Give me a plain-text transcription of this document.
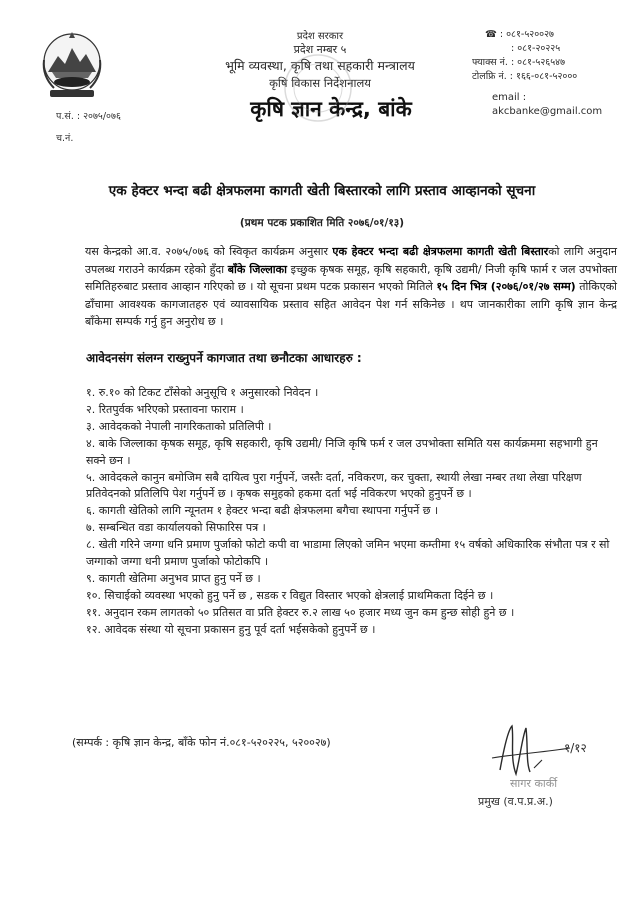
प्रदेश सरकार
प्रदेश नम्बर ५
भूमि व्यवस्था, कृषि तथा सहकारी मन्त्रालय
कृषि विकास निर्देशनालय
कृषि ज्ञान केन्द्र, बांके
☎ : ०८१-५२००२७
: ०८१-२०२२५
फ्याक्स नं. : ०८१-५२६५४७
टोलफ्रि नं. : १६६-०८१-५२०००
email : akcbanke@gmail.com
प.सं. : २०७५/०७६
च.नं.
एक हेक्टर भन्दा बढी क्षेत्रफलमा कागती खेती बिस्तारको लागि प्रस्ताव आव्हानको सूचना
(प्रथम पटक प्रकाशित मिति २०७६/०१/१३)
यस केन्द्रको आ.व. २०७५/०७६ को स्विकृत कार्यक्रम अनुसार एक हेक्टर भन्दा बढी क्षेत्रफलमा कागती खेती बिस्तारको लागि अनुदान उपलब्ध गराउने कार्यक्रम रहेको हुँदा बाँके जिल्लाका इच्छुक कृषक समूह, कृषि सहकारी, कृषि उद्यमी/ निजी कृषि फार्म र जल उपभोक्ता समितिहरुबाट प्रस्ताव आव्हान गरिएको छ । यो सूचना प्रथम पटक प्रकासन भएको मितिले १५ दिन भित्र (२०७६/०१/२७ सम्म) तोकिएको ढाँचामा आवश्यक कागजातहरु एवं व्यावसायिक प्रस्ताव सहित आवेदन पेश गर्न सकिनेछ । थप जानकारीका लागि कृषि ज्ञान केन्द्र बाँकेमा सम्पर्क गर्नु हुन अनुरोध छ ।
आवेदनसंग संलग्न राख्नुपर्ने कागजात तथा छनौटका आधारहरु :
१. रु.१० को टिकट टाँसेको अनुसूचि १ अनुसारको निवेदन ।
२. रितपुर्वक भरिएको प्रस्तावना फाराम ।
३. आवेदकको नेपाली नागरिकताको प्रतिलिपी ।
४. बाके जिल्लाका कृषक समूह, कृषि सहकारी, कृषि उद्यमी/ निजि कृषि फर्म र जल उपभोक्ता समिति यस कार्यक्रममा सहभागी हुन सक्ने छन ।
५. आवेदकले कानुन बमोजिम सबै दायित्व पुरा गर्नुपर्ने, जस्तैः दर्ता, नविकरण, कर चुक्ता, स्थायी लेखा नम्बर तथा लेखा परिक्षण प्रतिवेदनको प्रतिलिपि पेश गर्नुपर्ने छ । कृषक समुहको हकमा दर्ता भई नविकरण भएको हुनुपर्ने छ ।
६. कागती खेतिको लागि न्यूनतम १ हेक्टर भन्दा बढी क्षेत्रफलमा बगैचा स्थापना गर्नुपर्ने छ ।
७. सम्बन्धित वडा कार्यालयको सिफारिस पत्र ।
८. खेती गरिने जग्गा धनि प्रमाण पुर्जाको फोटो कपी वा भाडामा लिएको जमिन भएमा कम्तीमा १५ वर्षको अधिकारिक संभौता पत्र र सो जग्गाको जग्गा धनी प्रमाण पुर्जाको फोटोकपि ।
९. कागती खेतिमा अनुभव प्राप्त हुनु पर्ने छ ।
१०. सिचाईको व्यवस्था भएको हुनु पर्ने छ , सडक र विद्युत विस्तार भएको क्षेत्रलाई प्राथमिकता दिईने छ ।
११. अनुदान रकम लागतको ५० प्रतिसत वा प्रति हेक्टर रु.२ लाख ५० हजार मध्य जुन कम हुन्छ सोही हुने छ ।
१२. आवेदक संस्था यो सूचना प्रकासन हुनु पूर्व दर्ता भईसकेको हुनुपर्ने छ ।
(सम्पर्क : कृषि ज्ञान केन्द्र, बाँके फोन नं.०८१-५२०२२५, ५२००२७)	१/१२
सागर कार्की
प्रमुख (व.प.प्र.अ.)
